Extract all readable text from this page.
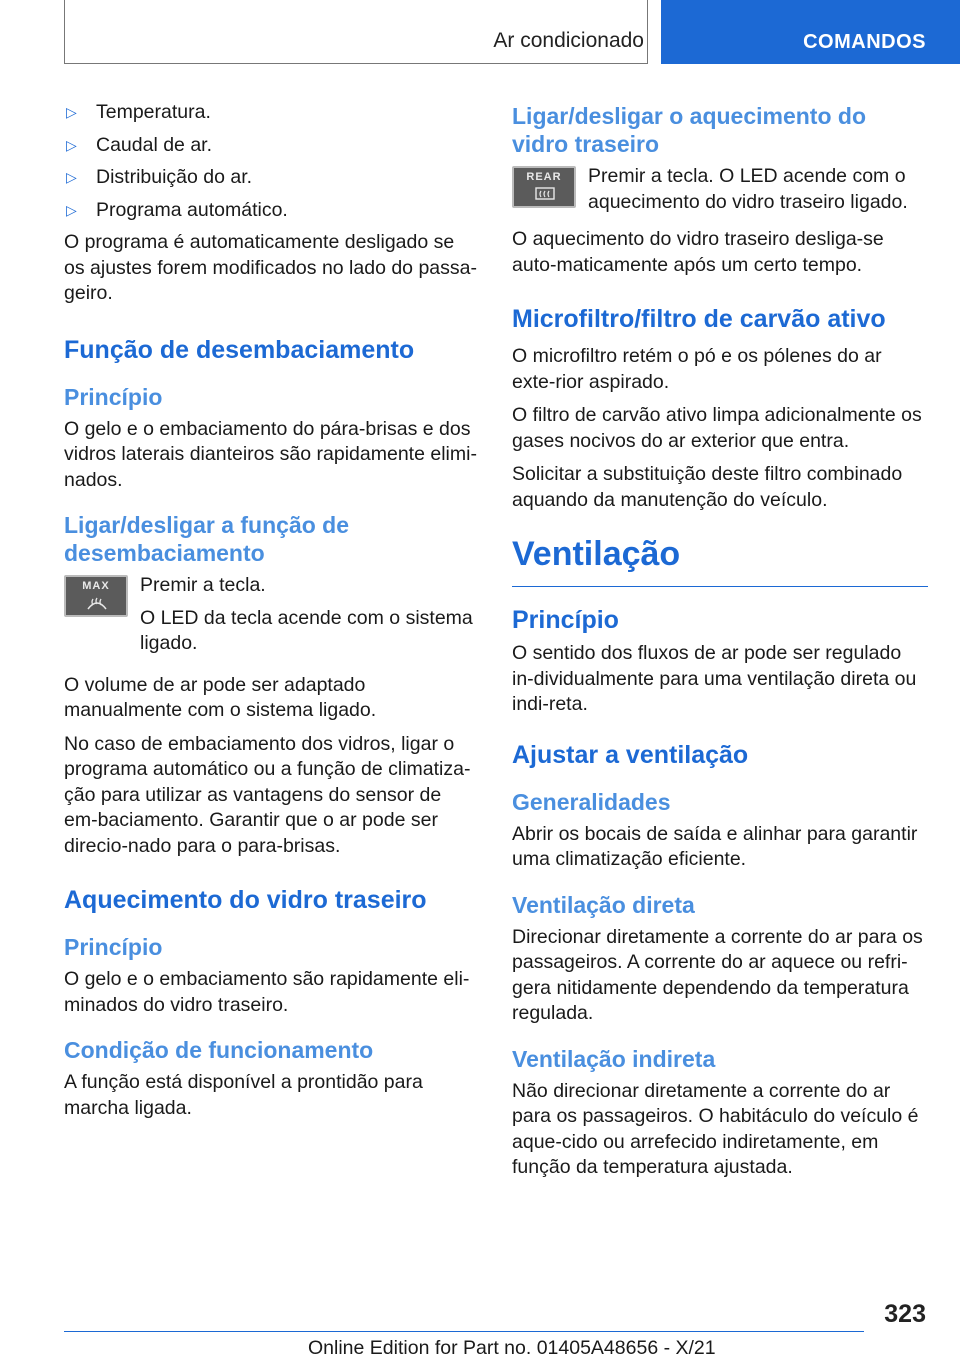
Ar condicionado	COMANDOS
▷ Temperatura.
▷ Caudal de ar.
▷ Distribuição do ar.
▷ Programa automático.

O programa é automaticamente desligado se os ajustes forem modificados no lado do passa-geiro.

Função de desembaciamento
Princípio

O gelo e o embaciamento do pára-brisas e dos vidros laterais dianteiros são rapidamente elimi-nados.

Ligar/desligar a função de desembaciamento
MAX	Premir a tecla.

O LED da tecla acende com o sistema ligado.

O volume de ar pode ser adaptado manualmente com o sistema ligado.

No caso de embaciamento dos vidros, ligar o programa automático ou a função de climatiza-ção para utilizar as vantagens do sensor de em-baciamento. Garantir que o ar pode ser direcio-nado para o para-brisas.

Aquecimento do vidro traseiro
Princípio

O gelo e o embaciamento são rapidamente eli-minados do vidro traseiro.

Condição de funcionamento

A função está disponível a prontidão para marcha ligada.

Ligar/desligar o aquecimento do vidro traseiro
REAR	Premir a tecla. O LED acende com o aquecimento do vidro traseiro ligado.

O aquecimento do vidro traseiro desliga-se auto-maticamente após um certo tempo.

Microfiltro/filtro de carvão ativo

O microfiltro retém o pó e os pólenes do ar exte-rior aspirado.

O filtro de carvão ativo limpa adicionalmente os gases nocivos do ar exterior que entra.

Solicitar a substituição deste filtro combinado aquando da manutenção do veículo.

Ventilação
Princípio

O sentido dos fluxos de ar pode ser regulado in-dividualmente para uma ventilação direta ou indi-reta.

Ajustar a ventilação
Generalidades

Abrir os bocais de saída e alinhar para garantir uma climatização eficiente.

Ventilação direta

Direcionar diretamente a corrente do ar para os passageiros. A corrente do ar aquece ou refri-gera nitidamente dependendo da temperatura regulada.

Ventilação indireta

Não direcionar diretamente a corrente do ar para os passageiros. O habitáculo do veículo é aque-cido ou arrefecido indiretamente, em função da temperatura ajustada.

323
Online Edition for Part no. 01405A48656 - X/21
